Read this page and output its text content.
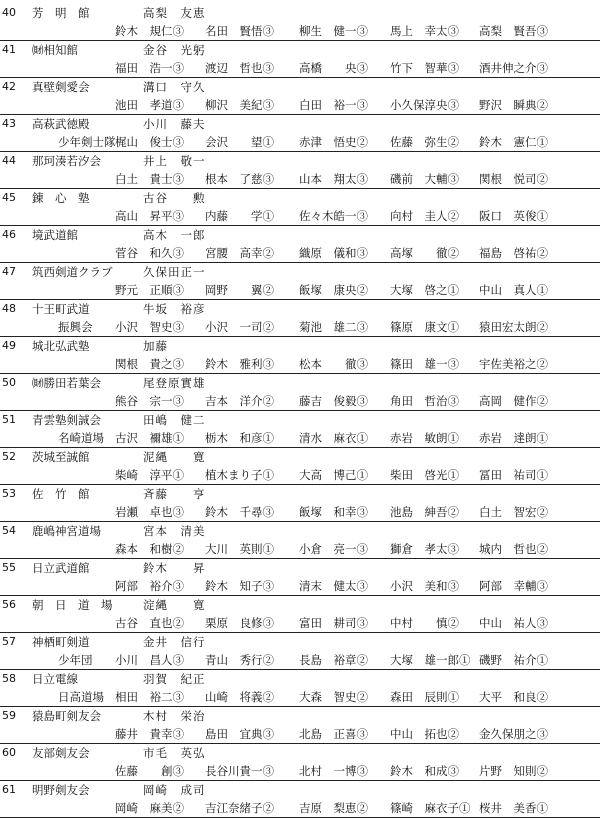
40	芳　明　館	高梨　友恵
鈴木　規仁③ 名田　賢悟③ 柳生　健一③ 馬上　幸太③ 高梨　賢吾③
41	㈶相知館	金谷　光躬
福田　浩一③ 渡辺　哲也③ 高橋　　央③ 竹下　智華③ 酒井伸之介③
42	真壁剣愛会	溝口　守久
池田　孝道③ 柳沢　美紀③ 白田　裕一③ 小久保淳央③ 野沢　瞬典②
43	高萩武徳殿	小川　藤夫
少年剣士隊 梶山　俊士③ 会沢　　望① 赤津　悟史② 佐藤　弥生② 鈴木　憲仁①
44	那珂湊若汐会	井上　敬一
白土　貴士③ 根本　了慈③ 山本　翔太③ 磯前　大輔③ 関根　悦司②
45	錬　心　塾	古谷　　勲
高山　昇平③ 内藤　　学① 佐々木皓一③ 向村　圭人② 阪口　英俊①
46	境武道館	高木　一郎
菅谷　和久③ 宮腰　高幸② 織原　儀和③ 高塚　　徹② 福島　啓祐②
47	筑西剣道クラブ	久保田正一
野元　正順③ 岡野　　翼② 飯塚　康央② 大塚　啓之① 中山　真人①
48	十王町武道	牛坂　裕彦
振興会 小沢　智史③ 小沢　一司② 菊池　雄二③ 篠原　康文① 猿田宏太朗②
49	城北弘武塾	加藤
関根　貴之③ 鈴木　雅利③ 松本　　徹③ 篠田　雄一③ 宇佐美裕之②
50	㈶勝田若葉会	尾登原實雄
熊谷　宗一③ 吉本　洋介② 藤吉　俊毅③ 角田　哲治③ 高岡　健作②
51	青雲塾剣誠会	田嶋　健二
名崎道場 古沢　禰雄① 栃木　和彦① 清水　麻衣① 赤岩　敏朗① 赤岩　達朗①
52	茨城至誠館	泥縄　　寛
柴崎　淳平① 植木まり子① 大高　博己① 柴田　啓光① 冨田　祐司①
53	佐　竹　館	斉藤　　亨
岩瀬　卓也③ 鈴木　千尋③ 飯塚　和幸③ 池島　紳吾② 白土　智宏②
54	鹿嶋神宮道場	宮本　清美
森本　和樹② 大川　英則① 小倉　亮一③ 獅倉　孝太③ 城内　哲也②
55	日立武道館	鈴木　　昇
阿部　裕介③ 鈴木　知子③ 清末　健太③ 小沢　美和③ 阿部　幸輔③
56	朝　日　道　場	淀縄　　寛
古谷　直也② 栗原　良修③ 富田　耕司③ 中村　　慎② 中山　祐人③
57	神栖町剣道	金井　信行
少年団 小川　昌人③ 青山　秀行② 長島　裕章② 大塚　雄一郎① 磯野　祐介①
58	日立電線	羽賀　紀正
日高道場 相田　裕二③ 山崎　将義② 大森　智史② 森田　辰則① 大平　和良②
59	猿島町剣友会	木村　栄治
藤井　貴幸③ 島田　宜典③ 北島　正喜③ 中山　拓也② 金久保朋之③
60	友部剣友会	市毛　英弘
佐藤　　創③ 長谷川貴一③ 北村　一博③ 鈴木　和成③ 片野　知則②
61	明野剣友会	岡崎　成司
岡崎　麻美② 吉江奈緒子② 吉原　梨恵② 篠崎　麻衣子① 桜井　美香①
